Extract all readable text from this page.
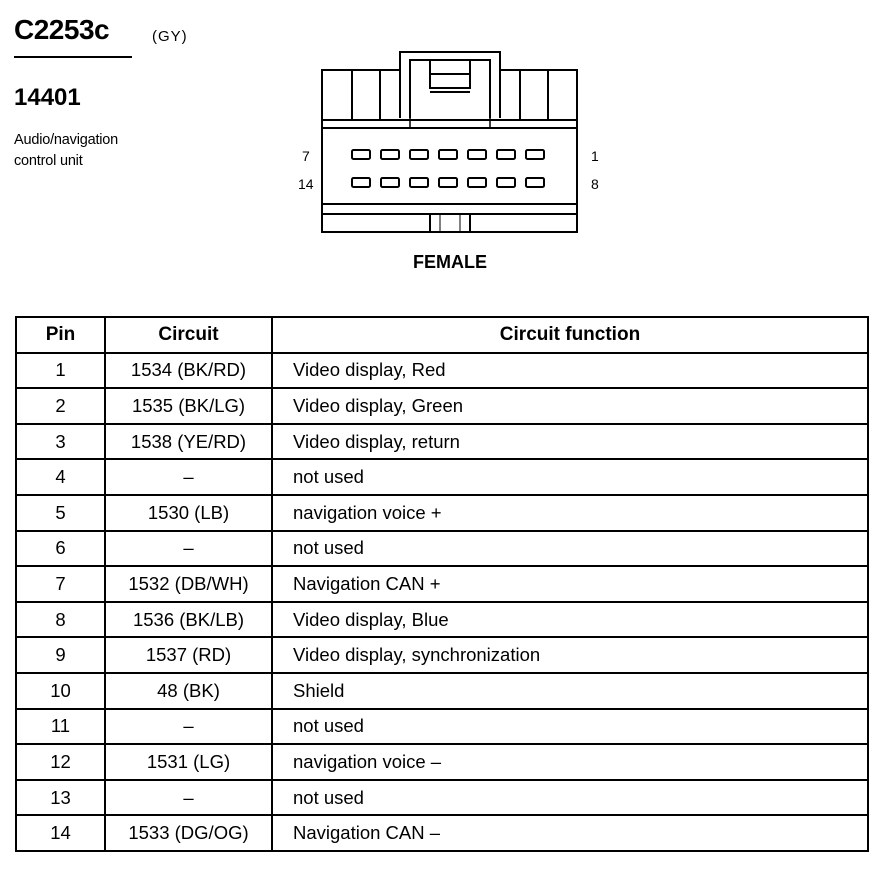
C2253c	(GY)
14401
Audio/navigation
control unit	7	1
14	8
FEMALE
Pin	Circuit	Circuit function
1	1534 (BK/RD)	Video display, Red
2	1535 (BK/LG)	Video display, Green
3	1538 (YE/RD)	Video display, return
4	–	not used
5	1530 (LB)	navigation voice +
6	–	not used
7	1532 (DB/WH)	Navigation CAN +
8	1536 (BK/LB)	Video display, Blue
9	1537 (RD)	Video display, synchronization
10	48 (BK)	Shield
11	–	not used
12	1531 (LG)	navigation voice –
13	–	not used
14	1533 (DG/OG)	Navigation CAN –
